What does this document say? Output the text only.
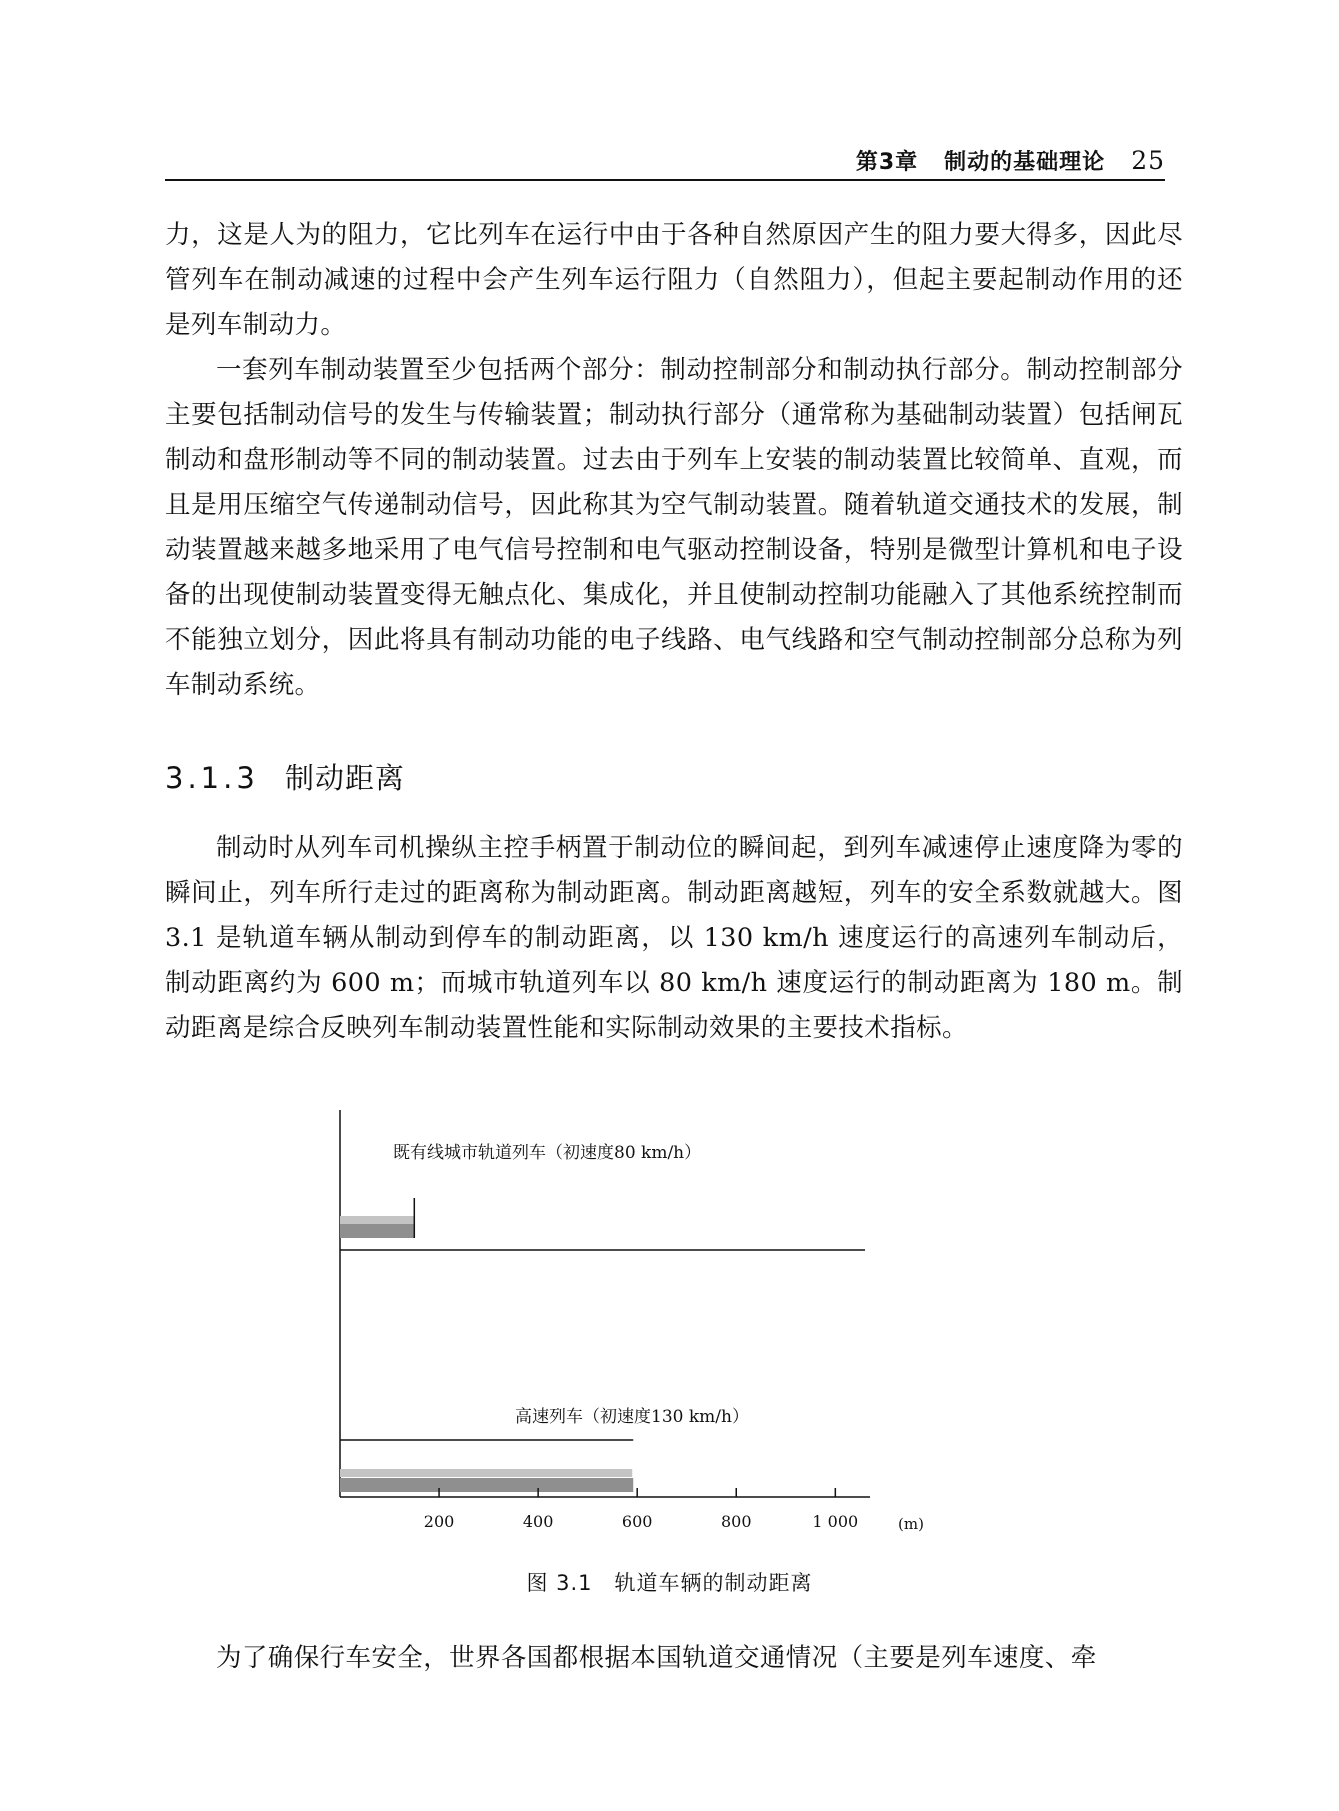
第3章 制动的基础理论 25

力，这是人为的阻力，它比列车在运行中由于各种自然原因产生的阻力要大得多，因此尽管列车在制动减速的过程中会产生列车运行阻力（自然阻力），但起主要起制动作用的还是列车制动力。

一套列车制动装置至少包括两个部分：制动控制部分和制动执行部分。制动控制部分主要包括制动信号的发生与传输装置；制动执行部分（通常称为基础制动装置）包括闸瓦制动和盘形制动等不同的制动装置。过去由于列车上安装的制动装置比较简单、直观，而且是用压缩空气传递制动信号，因此称其为空气制动装置。随着轨道交通技术的发展，制动装置越来越多地采用了电气信号控制和电气驱动控制设备，特别是微型计算机和电子设备的出现使制动装置变得无触点化、集成化，并且使制动控制功能融入了其他系统控制而不能独立划分，因此将具有制动功能的电子线路、电气线路和空气制动控制部分总称为列车制动系统。

3.1.3 制动距离

制动时从列车司机操纵主控手柄置于制动位的瞬间起，到列车减速停止速度降为零的瞬间止，列车所行走过的距离称为制动距离。制动距离越短，列车的安全系数就越大。图 3.1 是轨道车辆从制动到停车的制动距离，以 130 km/h 速度运行的高速列车制动后，制动距离约为 600 m；而城市轨道列车以 80 km/h 速度运行的制动距离为 180 m。制动距离是综合反映列车制动装置性能和实际制动效果的主要技术指标。

既有线城市轨道列车（初速度80 km/h）
高速列车（初速度130 km/h）
200	400	600	800	1 000	(m)
图 3.1 轨道车辆的制动距离

为了确保行车安全，世界各国都根据本国轨道交通情况（主要是列车速度、牵
